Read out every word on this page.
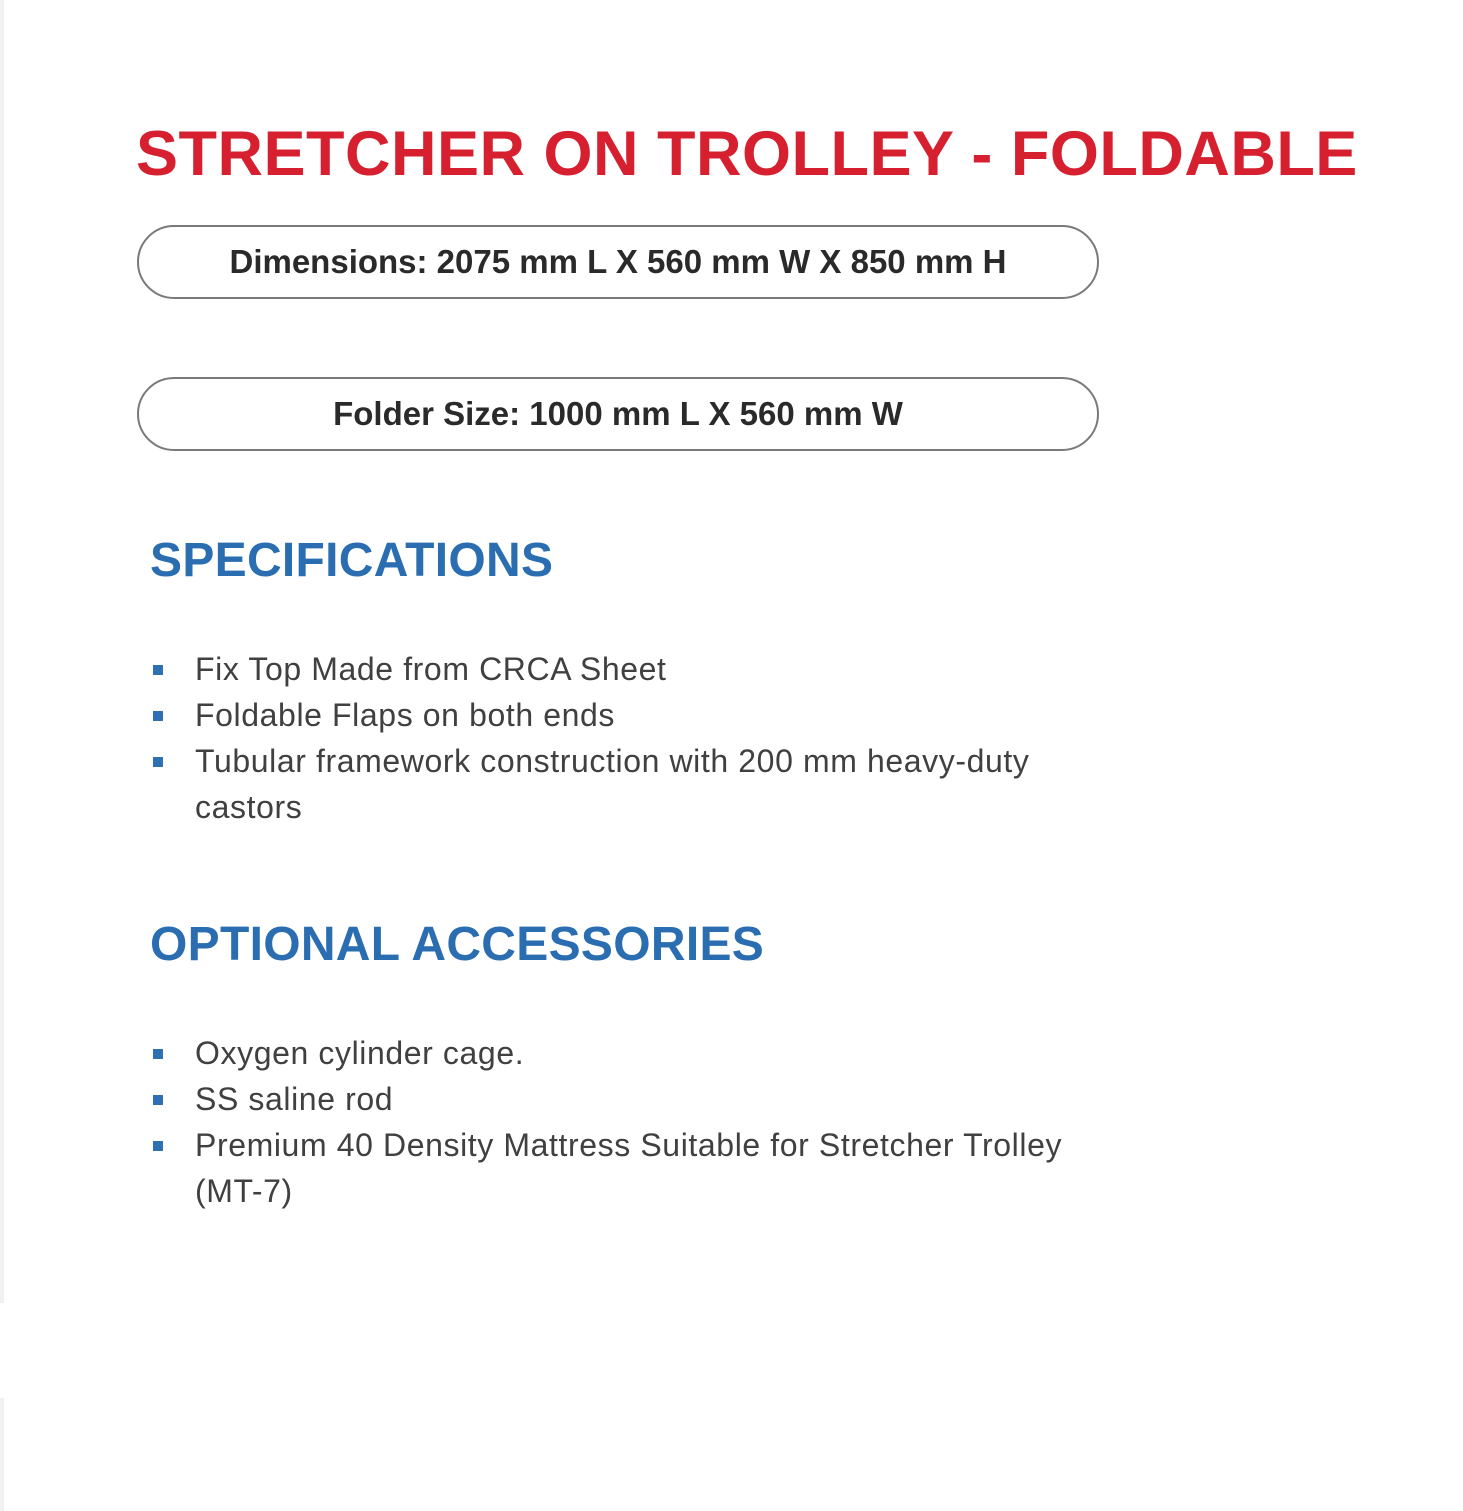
STRETCHER ON TROLLEY - FOLDABLE
Dimensions: 2075 mm L X 560 mm W X 850 mm H
Folder Size: 1000 mm L X 560 mm W
SPECIFICATIONS
Fix Top Made from CRCA Sheet
Foldable Flaps on both ends
Tubular framework construction with 200 mm heavy-duty castors
OPTIONAL ACCESSORIES
Oxygen cylinder cage.
SS saline rod
Premium 40 Density Mattress Suitable for Stretcher Trolley (MT-7)
